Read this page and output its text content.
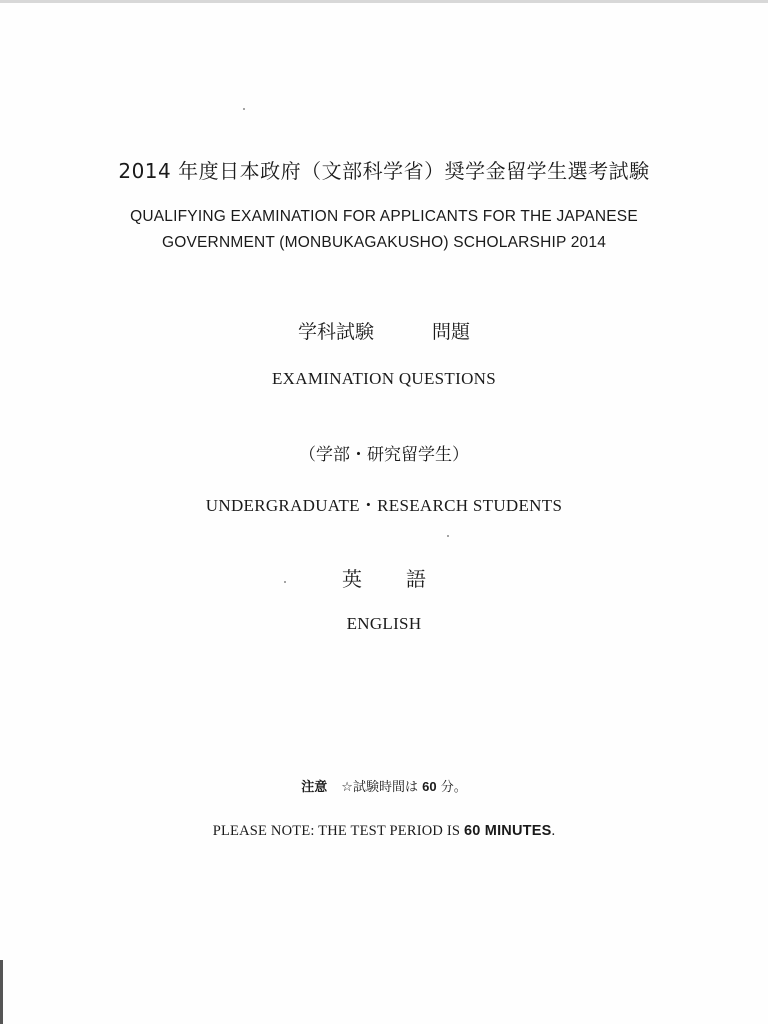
2014 年度日本政府（文部科学省）奨学金留学生選考試験
QUALIFYING EXAMINATION FOR APPLICANTS FOR THE JAPANESE
GOVERNMENT (MONBUKAGAKUSHO) SCHOLARSHIP 2014
学科試験	問題
EXAMINATION QUESTIONS
（学部・研究留学生）
UNDERGRADUATE・RESEARCH STUDENTS
英 語
ENGLISH
注意 ☆試験時間は 60 分。
PLEASE NOTE: THE TEST PERIOD IS 60 MINUTES.
